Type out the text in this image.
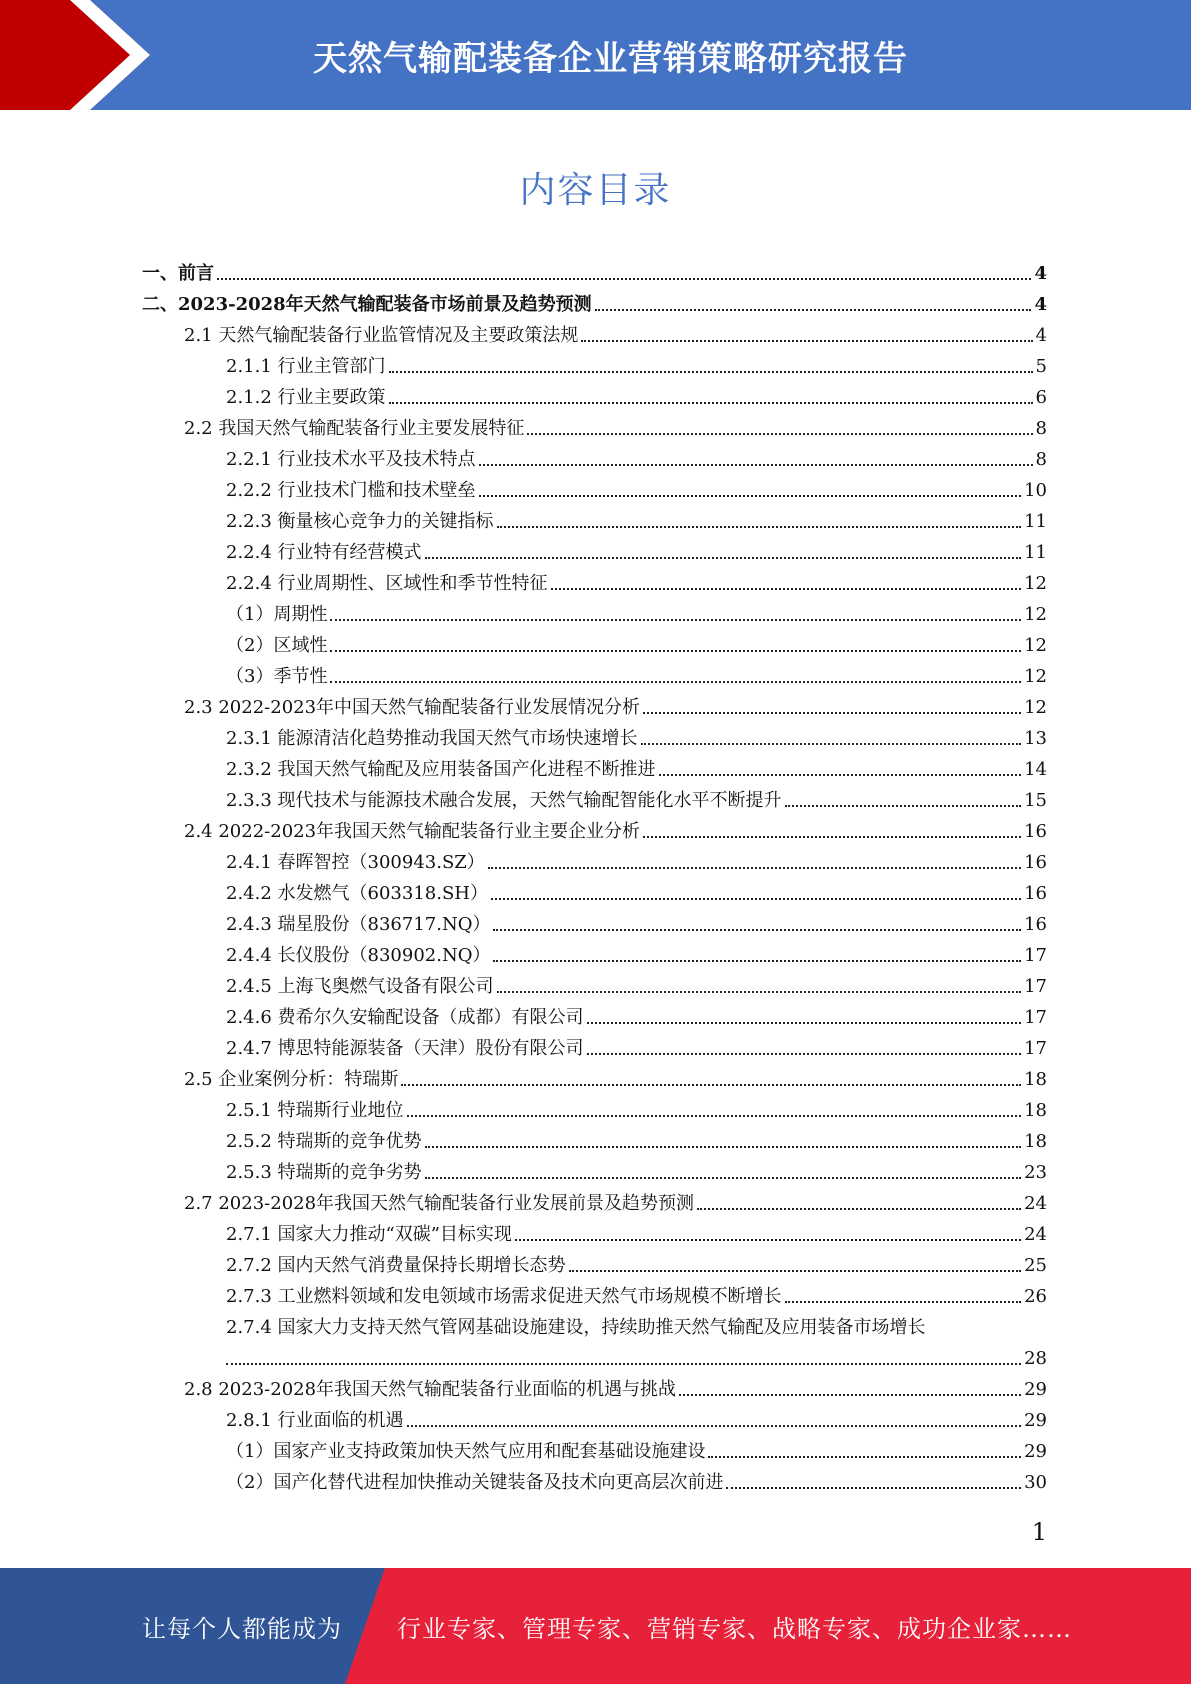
天然气输配装备企业营销策略研究报告
内容目录
一、前言	4
二、2023-2028年天然气输配装备市场前景及趋势预测	4
2.1 天然气输配装备行业监管情况及主要政策法规	4
2.1.1 行业主管部门	5
2.1.2 行业主要政策	6
2.2 我国天然气输配装备行业主要发展特征	8
2.2.1 行业技术水平及技术特点	8
2.2.2 行业技术门槛和技术壁垒	10
2.2.3 衡量核心竞争力的关键指标	11
2.2.4 行业特有经营模式	11
2.2.4 行业周期性、区域性和季节性特征	12
（1）周期性	12
（2）区域性	12
（3）季节性	12
2.3 2022-2023年中国天然气输配装备行业发展情况分析	12
2.3.1 能源清洁化趋势推动我国天然气市场快速增长	13
2.3.2 我国天然气输配及应用装备国产化进程不断推进	14
2.3.3 现代技术与能源技术融合发展，天然气输配智能化水平不断提升	15
2.4 2022-2023年我国天然气输配装备行业主要企业分析	16
2.4.1 春晖智控（300943.SZ）	16
2.4.2 水发燃气（603318.SH）	16
2.4.3 瑞星股份（836717.NQ）	16
2.4.4 长仪股份（830902.NQ）	17
2.4.5 上海飞奥燃气设备有限公司	17
2.4.6 费希尔久安输配设备（成都）有限公司	17
2.4.7 博思特能源装备（天津）股份有限公司	17
2.5 企业案例分析：特瑞斯	18
2.5.1 特瑞斯行业地位	18
2.5.2 特瑞斯的竞争优势	18
2.5.3 特瑞斯的竞争劣势	23
2.7 2023-2028年我国天然气输配装备行业发展前景及趋势预测	24
2.7.1 国家大力推动“双碳”目标实现	24
2.7.2 国内天然气消费量保持长期增长态势	25
2.7.3 工业燃料领域和发电领域市场需求促进天然气市场规模不断增长	26
2.7.4 国家大力支持天然气管网基础设施建设，持续助推天然气输配及应用装备市场增长
28
2.8 2023-2028年我国天然气输配装备行业面临的机遇与挑战	29
2.8.1 行业面临的机遇	29
（1）国家产业支持政策加快天然气应用和配套基础设施建设	29
（2）国产化替代进程加快推动关键装备及技术向更高层次前进	30
1
让每个人都能成为 行业专家、管理专家、营销专家、战略专家、成功企业家……
